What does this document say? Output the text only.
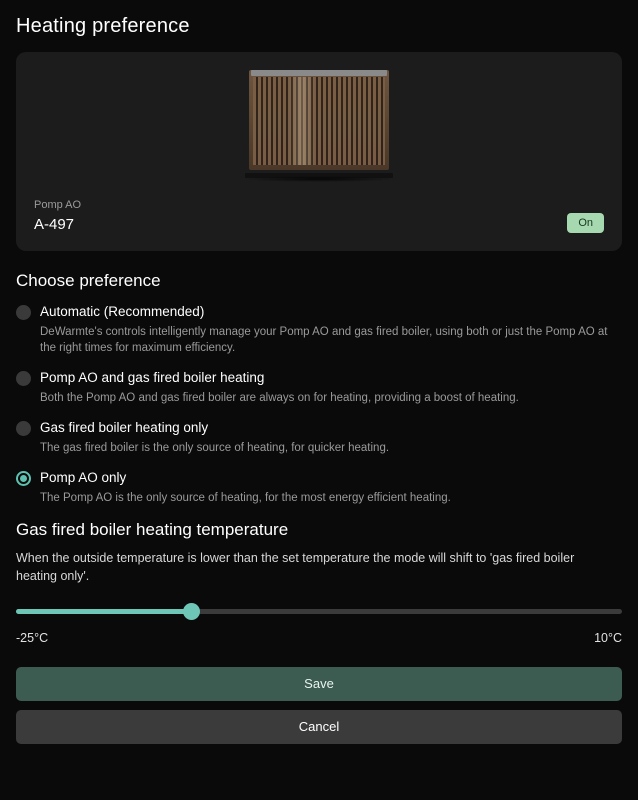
Heating preference
Pomp AO
A-497	On
Choose preference
Automatic (Recommended)
DeWarmte's controls intelligently manage your Pomp AO and gas fired boiler, using both or just the Pomp AO at the right times for maximum efficiency.
Pomp AO and gas fired boiler heating
Both the Pomp AO and gas fired boiler are always on for heating, providing a boost of heating.
Gas fired boiler heating only
The gas fired boiler is the only source of heating, for quicker heating.
Pomp AO only
The Pomp AO is the only source of heating, for the most energy efficient heating.
Gas fired boiler heating temperature
When the outside temperature is lower than the set temperature the mode will shift to 'gas fired boiler heating only'.
-25°C	10°C
Save
Cancel
